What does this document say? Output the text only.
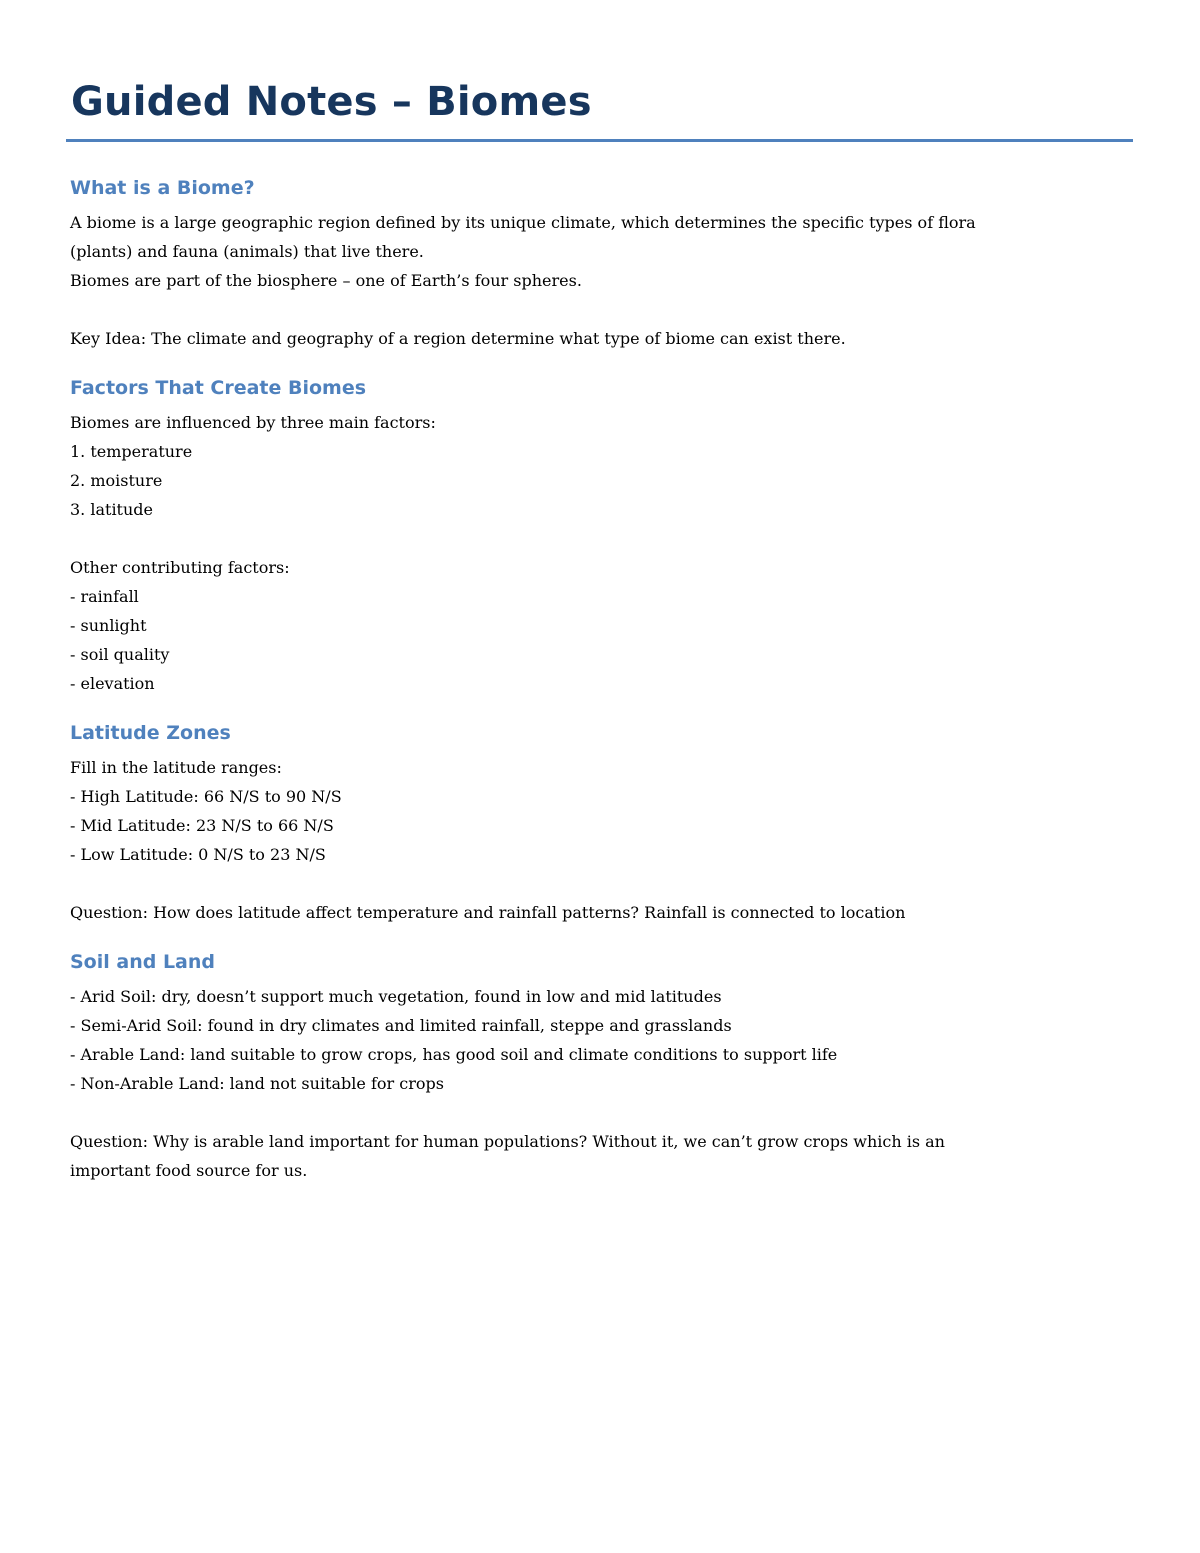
Guided Notes – Biomes
What is a Biome?

A biome is a large geographic region defined by its unique climate, which determines the specific types of flora

(plants) and fauna (animals) that live there.

Biomes are part of the biosphere – one of Earth’s four spheres.

Key Idea: The climate and geography of a region determine what type of biome can exist there.

Factors That Create Biomes

Biomes are influenced by three main factors:

1. temperature

2. moisture

3. latitude

Other contributing factors:

- rainfall

- sunlight

- soil quality

- elevation

Latitude Zones

Fill in the latitude ranges:

- High Latitude: 66 N/S to 90 N/S

- Mid Latitude: 23 N/S to 66 N/S

- Low Latitude: 0 N/S to 23 N/S

Question: How does latitude affect temperature and rainfall patterns? Rainfall is connected to location

Soil and Land

- Arid Soil: dry, doesn’t support much vegetation, found in low and mid latitudes

- Semi-Arid Soil: found in dry climates and limited rainfall, steppe and grasslands

- Arable Land: land suitable to grow crops, has good soil and climate conditions to support life

- Non-Arable Land: land not suitable for crops

Question: Why is arable land important for human populations? Without it, we can’t grow crops which is an

important food source for us.
